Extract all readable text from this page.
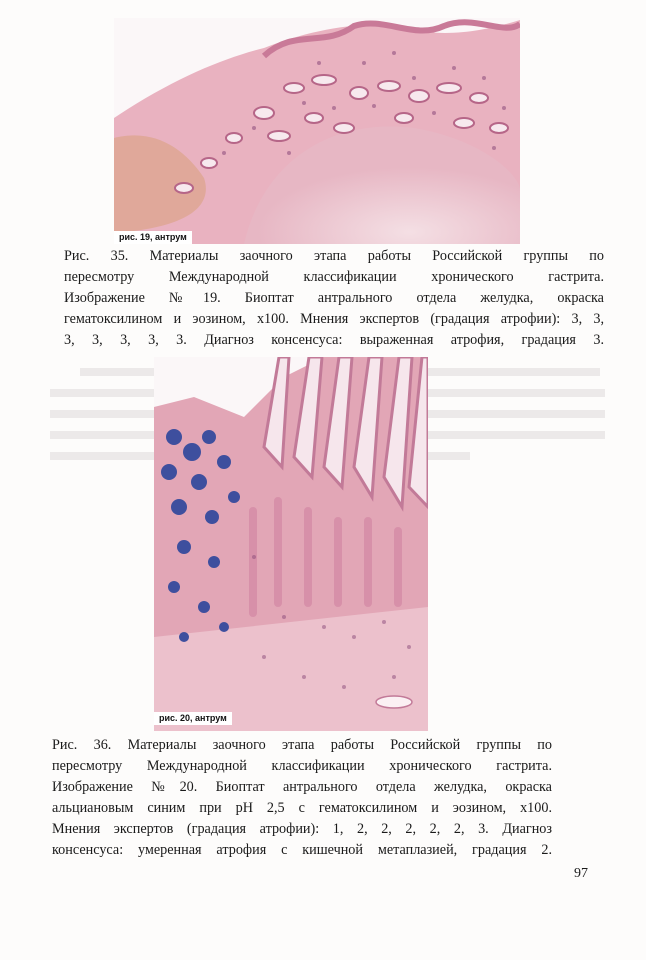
рис. 19, антрум
Рис. 35. Материалы заочного этапа работы Российской группы по
пересмотру Международной классификации хронического гастрита.
Изображение №19. Биоптат антрального отдела желудка, окраска
гематоксилином и эозином, х100. Мнения экспертов (градация атрофии): 3, 3,
3, 3, 3, 3, 3. Диагноз консенсуса: выраженная атрофия, градация 3.
рис. 20, антрум
Рис. 36. Материалы заочного этапа работы Российской группы по
пересмотру Международной классификации хронического гастрита.
Изображение №20. Биоптат антрального отдела желудка, окраска
альциановым синим при pH 2,5 с гематоксилином и эозином, х100.
Мнения экспертов (градация атрофии): 1, 2, 2, 2, 2, 2, 3. Диагноз
консенсуса: умеренная атрофия с кишечной метаплазией, градация 2.
97
